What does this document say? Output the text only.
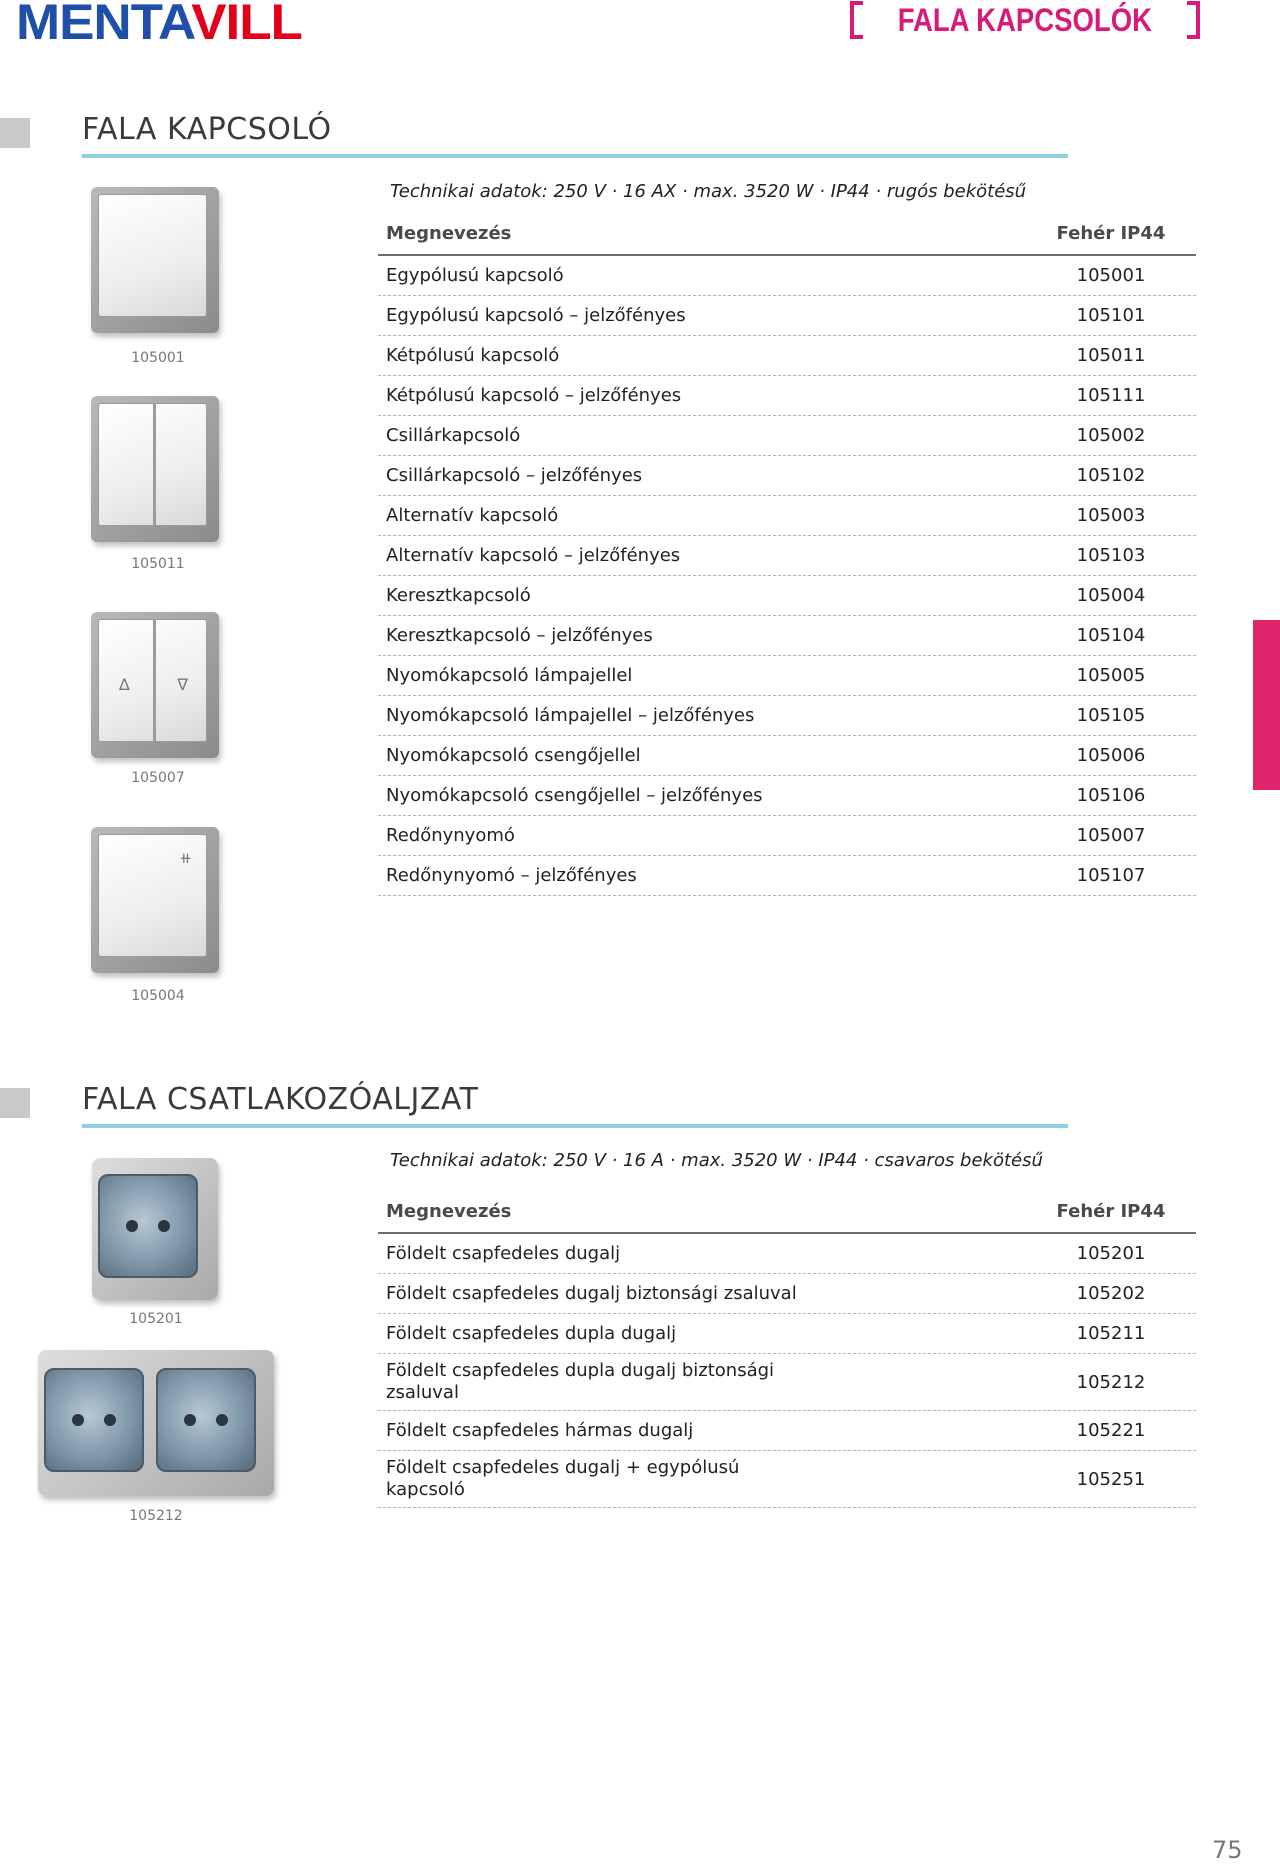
MENTAVILL	FALA KAPCSOLÓK
FALA KAPCSOLÓ
Technikai adatok: 250 V · 16 AX · max. 3520 W · IP44 · rugós bekötésű
Megnevezés	Fehér IP44
Egypólusú kapcsoló	105001
Egypólusú kapcsoló – jelzőfényes	105101
Kétpólusú kapcsoló	105011
Kétpólusú kapcsoló – jelzőfényes	105111
Csillárkapcsoló	105002
Csillárkapcsoló – jelzőfényes	105102
Alternatív kapcsoló	105003
Alternatív kapcsoló – jelzőfényes	105103
Keresztkapcsoló	105004
Keresztkapcsoló – jelzőfényes	105104
Nyomókapcsoló lámpajellel	105005
Nyomókapcsoló lámpajellel – jelzőfényes	105105
Nyomókapcsoló csengőjellel	105006
Nyomókapcsoló csengőjellel – jelzőfényes	105106
Redőnynyomó	105007
Redőnynyomó – jelzőfényes	105107
105001
105011
∆	∇
105007
⧺
105004
FALA CSATLAKOZÓALJZAT
Technikai adatok: 250 V · 16 A · max. 3520 W · IP44 · csavaros bekötésű
Megnevezés	Fehér IP44
Földelt csapfedeles dugalj	105201
Földelt csapfedeles dugalj biztonsági zsaluval	105202
Földelt csapfedeles dupla dugalj	105211
Földelt csapfedeles dupla dugalj biztonsági zsaluval	105212
Földelt csapfedeles hármas dugalj	105221
Földelt csapfedeles dugalj + egypólusú kapcsoló	105251
105201
105212
75
